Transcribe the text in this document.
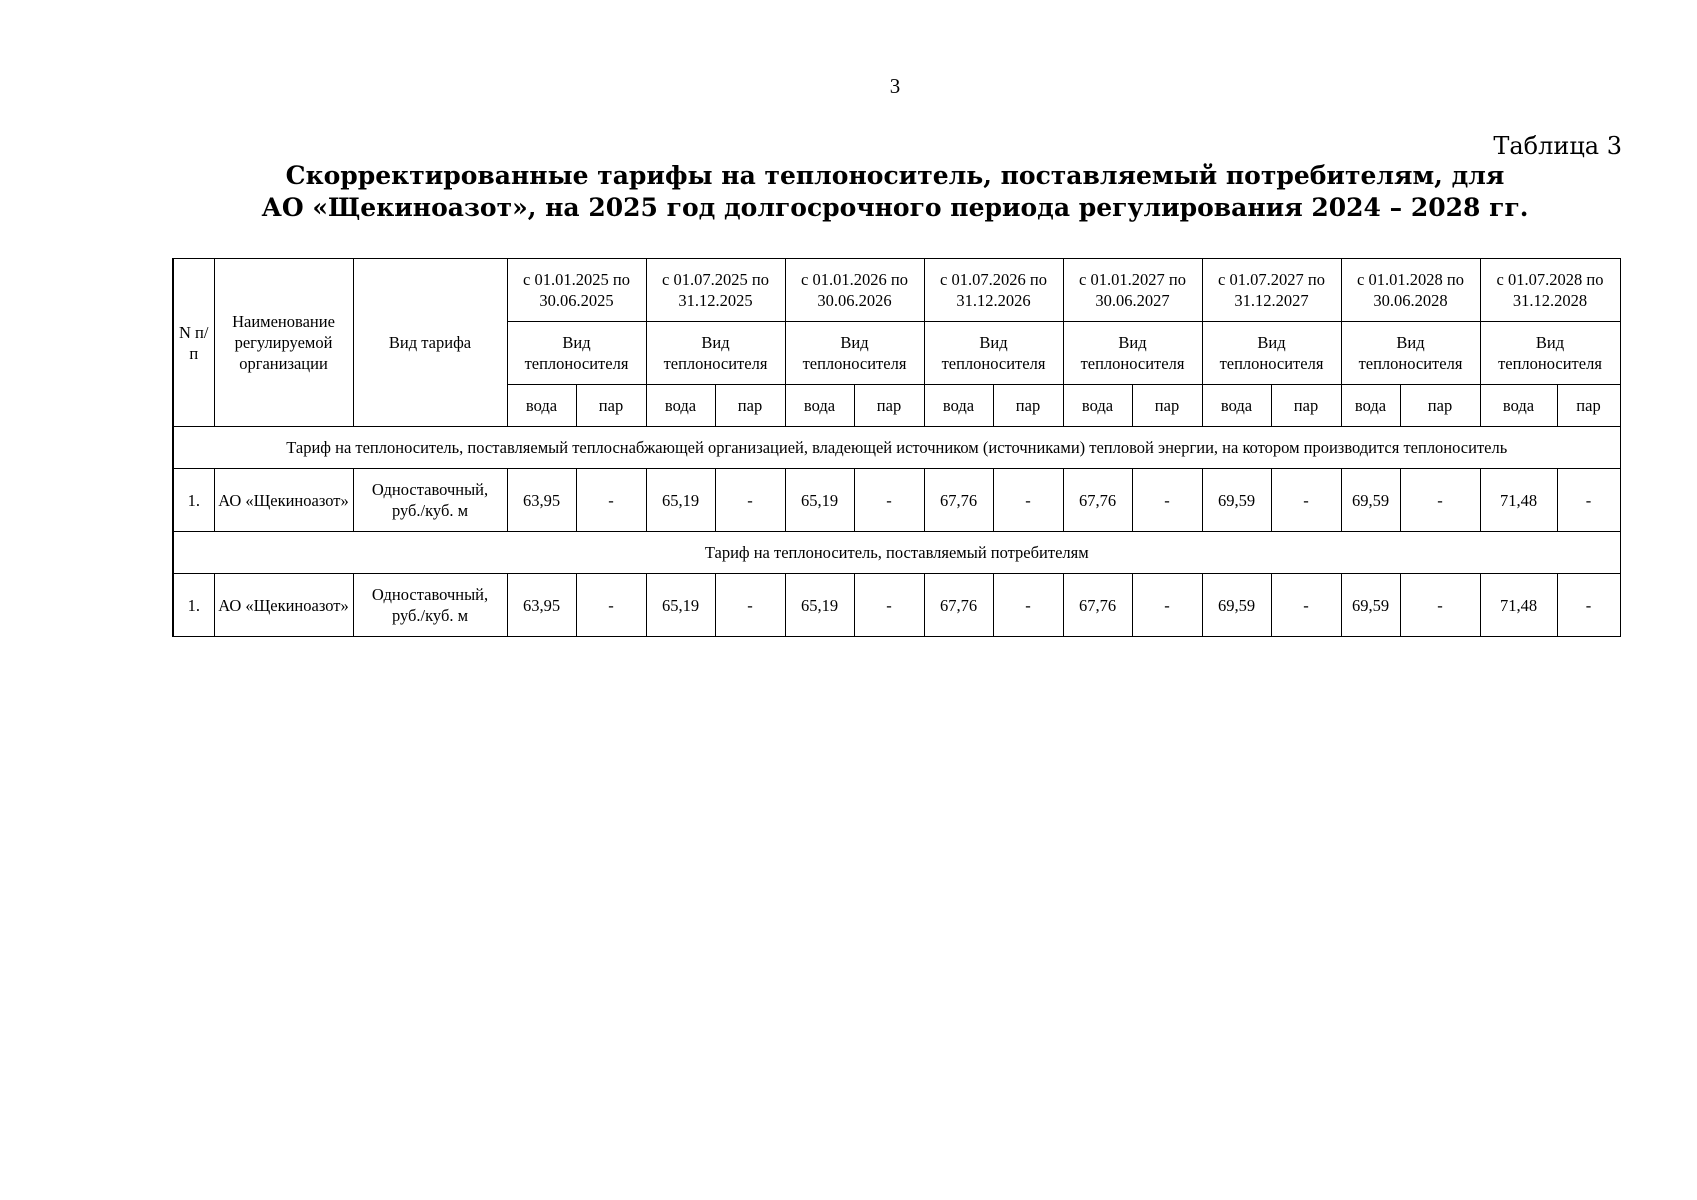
3
Таблица 3
Скорректированные тарифы на теплоноситель, поставляемый потребителям, для
АО «Щекиноазот», на 2025 год долгосрочного периода регулирования 2024 – 2028 гг.
N п/п	Наименование регулируемой организации	Вид тарифа	с 01.01.2025 по 30.06.2025		с 01.07.2025 по 31.12.2025		с 01.01.2026 по 30.06.2026		с 01.07.2026 по 31.12.2026		с 01.01.2027 по 30.06.2027		с 01.07.2027 по 31.12.2027		с 01.01.2028 по 30.06.2028		с 01.07.2028 по 31.12.2028	
			Вид теплоносителя		Вид теплоносителя		Вид теплоносителя		Вид теплоносителя		Вид теплоносителя		Вид теплоносителя		Вид теплоносителя		Вид теплоносителя	
			вода	пар	вода	пар	вода	пар	вода	пар	вода	пар	вода	пар	вода	пар	вода	пар
Тариф на теплоноситель, поставляемый теплоснабжающей организацией, владеющей источником (источниками) тепловой энергии, на котором производится теплоноситель																		
1.	АО «Щекиноазот»	Одноставочный, руб./куб. м	63,95	-	65,19	-	65,19	-	67,76	-	67,76	-	69,59	-	69,59	-	71,48	-
Тариф на теплоноситель, поставляемый потребителям																		
1.	АО «Щекиноазот»	Одноставочный, руб./куб. м	63,95	-	65,19	-	65,19	-	67,76	-	67,76	-	69,59	-	69,59	-	71,48	-
